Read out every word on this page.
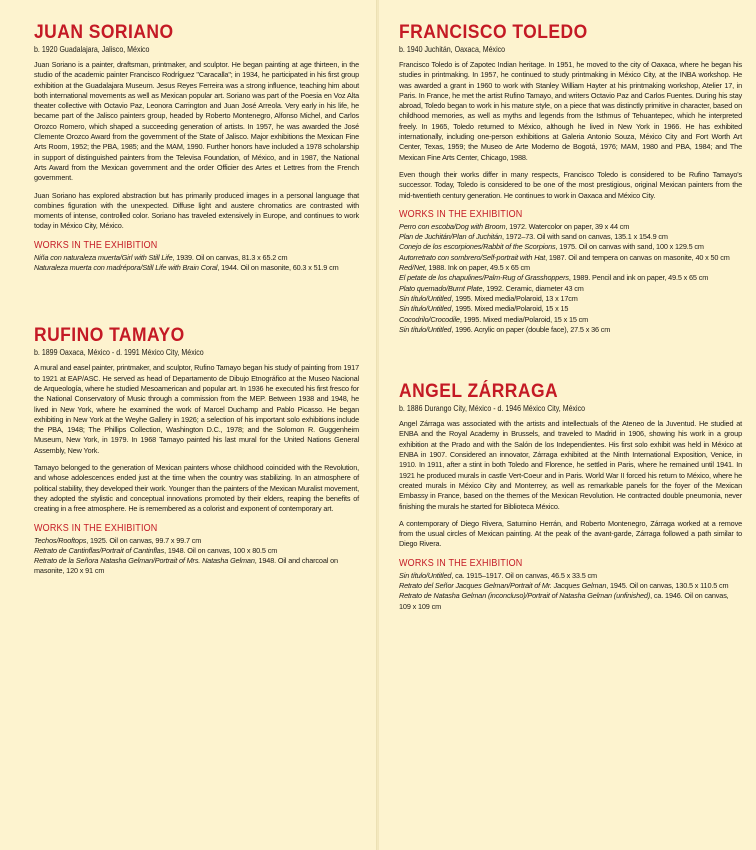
JUAN SORIANO
b. 1920 Guadalajara, Jalisco, México

Juan Soriano is a painter, draftsman, printmaker, and sculptor. He began painting at age thirteen, in the studio of the academic painter Francisco Rodríguez "Caracalla"; in 1934, he participated in his first group exhibition at the Guadalajara Museum. Jesus Reyes Ferreira was a strong influence, teaching him about both international movements as well as Mexican popular art. Soriano was part of the Poesia en Voz Alta theater collective with Octavio Paz, Leonora Carrington and Juan José Arreola. Very early in his life, he became part of the Jalisco painters group, headed by Roberto Montenegro, Alfonso Michel, and Carlos Orozco Romero, which shaped a succeeding generation of artists. In 1957, he was awarded the José Clemente Orozco Award from the government of the State of Jalisco. Major exhibitions the Mexican Fine Arts Room, 1952; the PBA, 1985; and the MAM, 1990. Further honors have included a 1978 scholarship in support of distinguished painters from the Televisa Foundation, of México, and in 1987, the National Arts Award from the Mexican government and the order Officier des Artes et Lettres from the French government.

Juan Soriano has explored abstraction but has primarily produced images in a personal language that combines figuration with the unexpected. Diffuse light and austere chromatics are contrasted with moments of intense, controlled color. Soriano has traveled extensively in Europe, and continues to work today in México City, México.

WORKS IN THE EXHIBITION

Niña con naturaleza muerta/Girl with Still Life, 1939. Oil on canvas, 81.3 x 65.2 cm

Naturaleza muerta con madrépora/Still Life with Brain Coral, 1944. Oil on masonite, 60.3 x 51.9 cm

RUFINO TAMAYO
b. 1899 Oaxaca, México - d. 1991 México City, México

A mural and easel painter, printmaker, and sculptor, Rufino Tamayo began his study of painting from 1917 to 1921 at EAP/ASC. He served as head of Departamento de Dibujo Etnográfico at the Museo Nacional de Arqueología, where he studied Mesoamerican and popular art. In 1936 he executed his first fresco for the National Conservatory of Music through a commission from the MEP. Between 1938 and 1948, he lived in New York, where he examined the work of Marcel Duchamp and Pablo Picasso. He began exhibiting in New York at the Weyhe Gallery in 1926; a selection of his important solo exhibitions include the PBA, 1948; The Phillips Collection, Washington D.C., 1978; and the Solomon R. Guggenheim Museum, New York, in 1979. In 1968 Tamayo painted his last mural for the United Nations General Assembly, New York.

Tamayo belonged to the generation of Mexican painters whose childhood coincided with the Revolution, and whose adolescences ended just at the time when the country was stabilizing. In an atmosphere of political stability, they developed their work. Younger than the painters of the Mexican Muralist movement, they adopted the stylistic and conceptual innovations promoted by their elders, reaping the benefits of creating in a free atmosphere. He is remembered as a colorist and exponent of contemporary art.

WORKS IN THE EXHIBITION

Techos/Rooftops, 1925. Oil on canvas, 99.7 x 99.7 cm

Retrato de Cantinflas/Portrait of Cantinflas, 1948. Oil on canvas, 100 x 80.5 cm

Retrato de la Señora Natasha Gelman/Portrait of Mrs. Natasha Gelman, 1948. Oil and charcoal on masonite, 120 x 91 cm

FRANCISCO TOLEDO
b. 1940 Juchitán, Oaxaca, México

Francisco Toledo is of Zapotec Indian heritage. In 1951, he moved to the city of Oaxaca, where he began his studies in printmaking. In 1957, he continued to study printmaking in México City, at the INBA workshop. He was awarded a grant in 1960 to work with Stanley William Hayter at his printmaking workshop, Atelier 17, in Paris. In France, he met the artist Rufino Tamayo, and writers Octavio Paz and Carlos Fuentes. During his stay abroad, Toledo began to work in his mature style, on a piece that was distinctly primitive in character, based on childhood memories, as well as myths and legends from the Isthmus of Tehuantepec, which he interpreted freely. In 1965, Toledo returned to México, although he lived in New York in 1966. He has exhibited internationally, including one-person exhibitions at Galeria Antonio Souza, México City and Fort Worth Art Center, Texas, 1959; the Museo de Arte Moderno de Bogotá, 1976; MAM, 1980 and PBA, 1984; and The Mexican Fine Arts Center, Chicago, 1988.

Even though their works differ in many respects, Francisco Toledo is considered to be Rufino Tamayo's successor. Today, Toledo is considered to be one of the most prestigious, original Mexican painters from the mid-twentieth century generation. He continues to work in Oaxaca and México City.

WORKS IN THE EXHIBITION

Perro con escoba/Dog with Broom, 1972. Watercolor on paper, 39 x 44 cm

Plan de Juchitán/Plan of Juchitán, 1972–73. Oil with sand on canvas, 135.1 x 154.9 cm

Conejo de los escorpiones/Rabbit of the Scorpions, 1975. Oil on canvas with sand, 100 x 129.5 cm

Autorretrato con sombrero/Self-portrait with Hat, 1987. Oil and tempera on canvas on masonite, 40 x 50 cm

Red/Net, 1988. Ink on paper, 49.5 x 65 cm

El petate de los chapulines/Palm-Rug of Grasshoppers, 1989. Pencil and ink on paper, 49.5 x 65 cm

Plato quemado/Burnt Plate, 1992. Ceramic, diameter 43 cm

Sin título/Untitled, 1995. Mixed media/Polaroid, 13 x 17cm

Sin título/Untitled, 1995. Mixed media/Polaroid, 15 x 15

Cocodrilo/Crocodile, 1995. Mixed media/Polaroid, 15 x 15 cm

Sin título/Untitled, 1996. Acrylic on paper (double face), 27.5 x 36 cm

ANGEL ZÁRRAGA
b. 1886 Durango City, México - d. 1946 México City, México

Angel Zárraga was associated with the artists and intellectuals of the Ateneo de la Juventud. He studied at ENBA and the Royal Academy in Brussels, and traveled to Madrid in 1906, showing his work in a group exhibition at the Prado and with the Salón de los Independientes. His first solo exhibit was held in México at ENBA in 1907. Considered an innovator, Zárraga exhibited at the Ninth International Exposition, Venice, in 1910. In 1911, after a stint in both Toledo and Florence, he settled in Paris, where he remained until 1941. In 1921 he produced murals in castle Vert-Coeur and in Paris. World War II forced his return to México, where he created murals in México City and Monterrey, as well as remarkable panels for the foyer of the Mexican Embassy in France, based on the themes of the Mexican Revolution. He contracted double pneumonia, never finishing the murals he started for Biblioteca México.

A contemporary of Diego Rivera, Saturnino Herrán, and Roberto Montenegro, Zárraga worked at a remove from the usual circles of Mexican painting. At the peak of the avant-garde, Zárraga followed a path similar to Diego Rivera.

WORKS IN THE EXHIBITION

Sin título/Untitled, ca. 1915–1917. Oil on canvas, 46.5 x 33.5 cm

Retrato del Señor Jacques Gelman/Portrait of Mr. Jacques Gelman, 1945. Oil on canvas, 130.5 x 110.5 cm

Retrato de Natasha Gelman (inconcluso)/Portrait of Natasha Gelman (unfinished), ca. 1946. Oil on canvas, 109 x 109 cm
